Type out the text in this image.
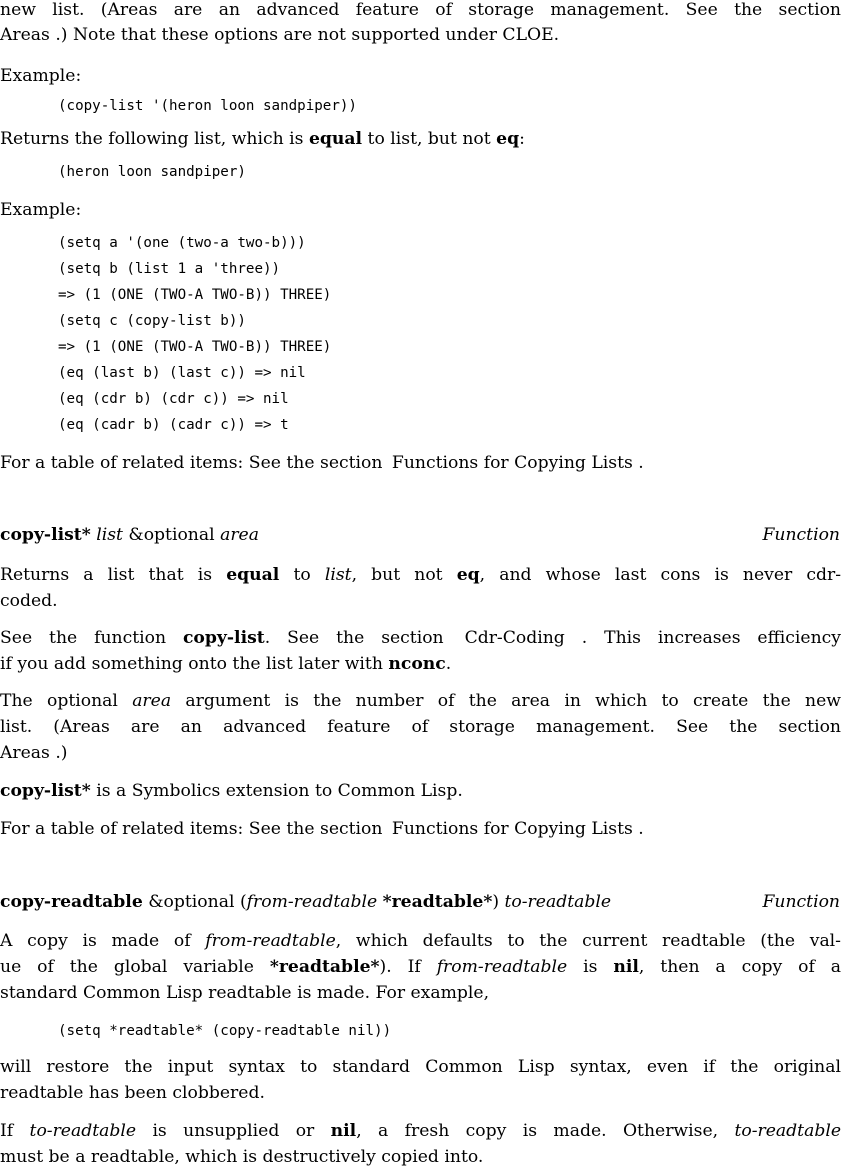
new list. (Areas are an advanced feature of storage management. See the section
Areas .) Note that these options are not supported under CLOE.
Example:
(copy-list '(heron loon sandpiper))
Returns the following list, which is equal to list, but not eq:
(heron loon sandpiper)
Example:
(setq a '(one (two-a two-b)))
(setq b (list 1 a 'three))
=> (1 (ONE (TWO-A TWO-B)) THREE)
(setq c (copy-list b))
=> (1 (ONE (TWO-A TWO-B)) THREE)
(eq (last b) (last c)) => nil
(eq (cdr b) (cdr c)) => nil
(eq (cadr b) (cadr c)) => t
For a table of related items: See the section Functions for Copying Lists .
copy-list* list &optional area	Function
Returns a list that is equal to list, but not eq, and whose last cons is never cdr-
coded.
See the function copy-list. See the section Cdr-Coding . This increases efficiency
if you add something onto the list later with nconc.
The optional area argument is the number of the area in which to create the new
list. (Areas are an advanced feature of storage management. See the section
Areas .)
copy-list* is a Symbolics extension to Common Lisp.
For a table of related items: See the section Functions for Copying Lists .
copy-readtable &optional (from-readtable *readtable*) to-readtable	Function
A copy is made of from-readtable, which defaults to the current readtable (the val-
ue of the global variable *readtable*). If from-readtable is nil, then a copy of a
standard Common Lisp readtable is made. For example,
(setq *readtable* (copy-readtable nil))
will restore the input syntax to standard Common Lisp syntax, even if the original
readtable has been clobbered.
If to-readtable is unsupplied or nil, a fresh copy is made. Otherwise, to-readtable
must be a readtable, which is destructively copied into.
